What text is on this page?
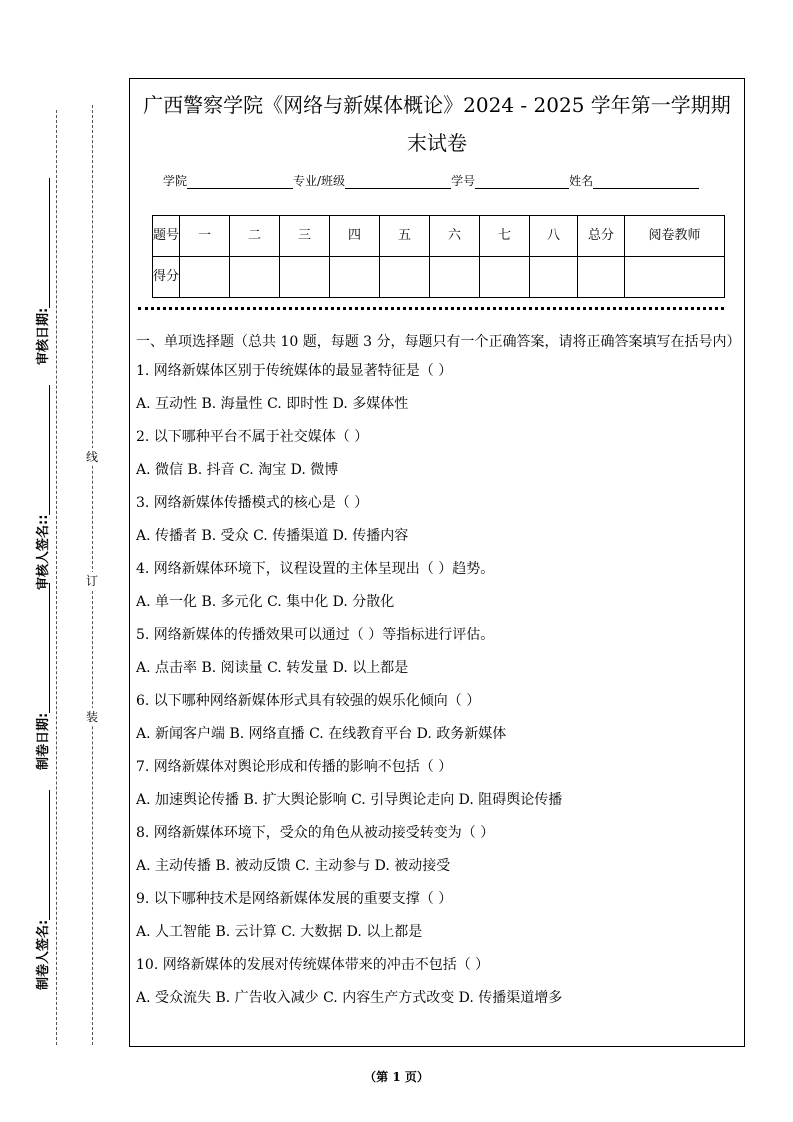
审核日期:
审核人签名::
制卷日期:
制卷人签名:
线
订
装
广西警察学院《网络与新媒体概论》2024 - 2025 学年第一学期期
末试卷
学院	专业/班级	学号	姓名
题号	一	二	三	四	五	六	七	八	总分	阅卷教师
得分										
一、单项选择题（总共 10 题，每题 3 分，每题只有一个正确答案，请将正确答案填写在括号内）
1. 网络新媒体区别于传统媒体的最显著特征是（ ）
A. 互动性 B. 海量性 C. 即时性 D. 多媒体性
2. 以下哪种平台不属于社交媒体（ ）
A. 微信 B. 抖音 C. 淘宝 D. 微博
3. 网络新媒体传播模式的核心是（ ）
A. 传播者 B. 受众 C. 传播渠道 D. 传播内容
4. 网络新媒体环境下，议程设置的主体呈现出（ ）趋势。
A. 单一化 B. 多元化 C. 集中化 D. 分散化
5. 网络新媒体的传播效果可以通过（ ）等指标进行评估。
A. 点击率 B. 阅读量 C. 转发量 D. 以上都是
6. 以下哪种网络新媒体形式具有较强的娱乐化倾向（ ）
A. 新闻客户端 B. 网络直播 C. 在线教育平台 D. 政务新媒体
7. 网络新媒体对舆论形成和传播的影响不包括（ ）
A. 加速舆论传播 B. 扩大舆论影响 C. 引导舆论走向 D. 阻碍舆论传播
8. 网络新媒体环境下，受众的角色从被动接受转变为（ ）
A. 主动传播 B. 被动反馈 C. 主动参与 D. 被动接受
9. 以下哪种技术是网络新媒体发展的重要支撑（ ）
A. 人工智能 B. 云计算 C. 大数据 D. 以上都是
10. 网络新媒体的发展对传统媒体带来的冲击不包括（ ）
A. 受众流失 B. 广告收入减少 C. 内容生产方式改变 D. 传播渠道增多
（第 1 页）
